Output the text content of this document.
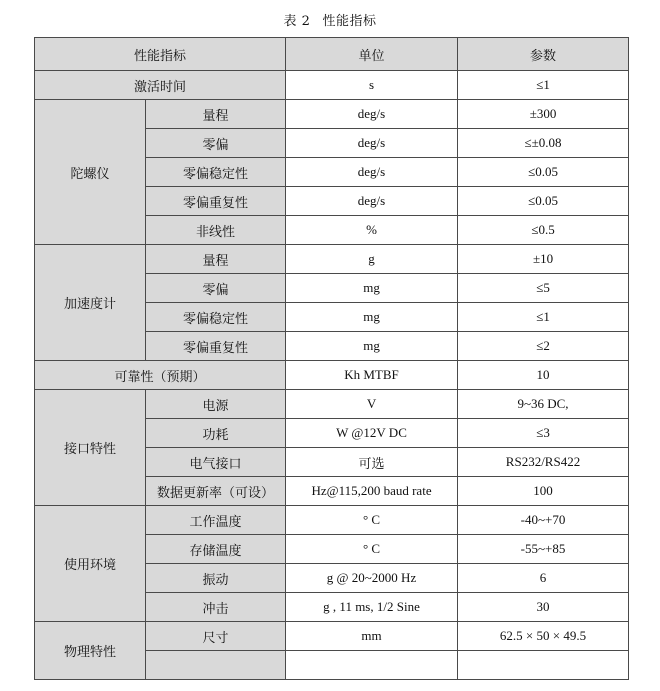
表 2 性能指标
性能指标		单位	参数
激活时间		s	≤1
陀螺仪	量程	deg/s	±300
	零偏	deg/s	≤±0.08
	零偏稳定性	deg/s	≤0.05
	零偏重复性	deg/s	≤0.05
	非线性	%	≤0.5
加速度计	量程	g	±10
	零偏	mg	≤5
	零偏稳定性	mg	≤1
	零偏重复性	mg	≤2
可靠性（预期）		Kh MTBF	10
接口特性	电源	V	9~36 DC,
	功耗	W @12V DC	≤3
	电气接口	可选	RS232/RS422
	数据更新率（可设）	Hz@115,200 baud rate	100
使用环境	工作温度	° C	-40~+70
	存储温度	° C	-55~+85
	振动	g @ 20~2000 Hz	6
	冲击	g , 11 ms, 1/2 Sine	30
物理特性	尺寸	mm	62.5 × 50 × 49.5
